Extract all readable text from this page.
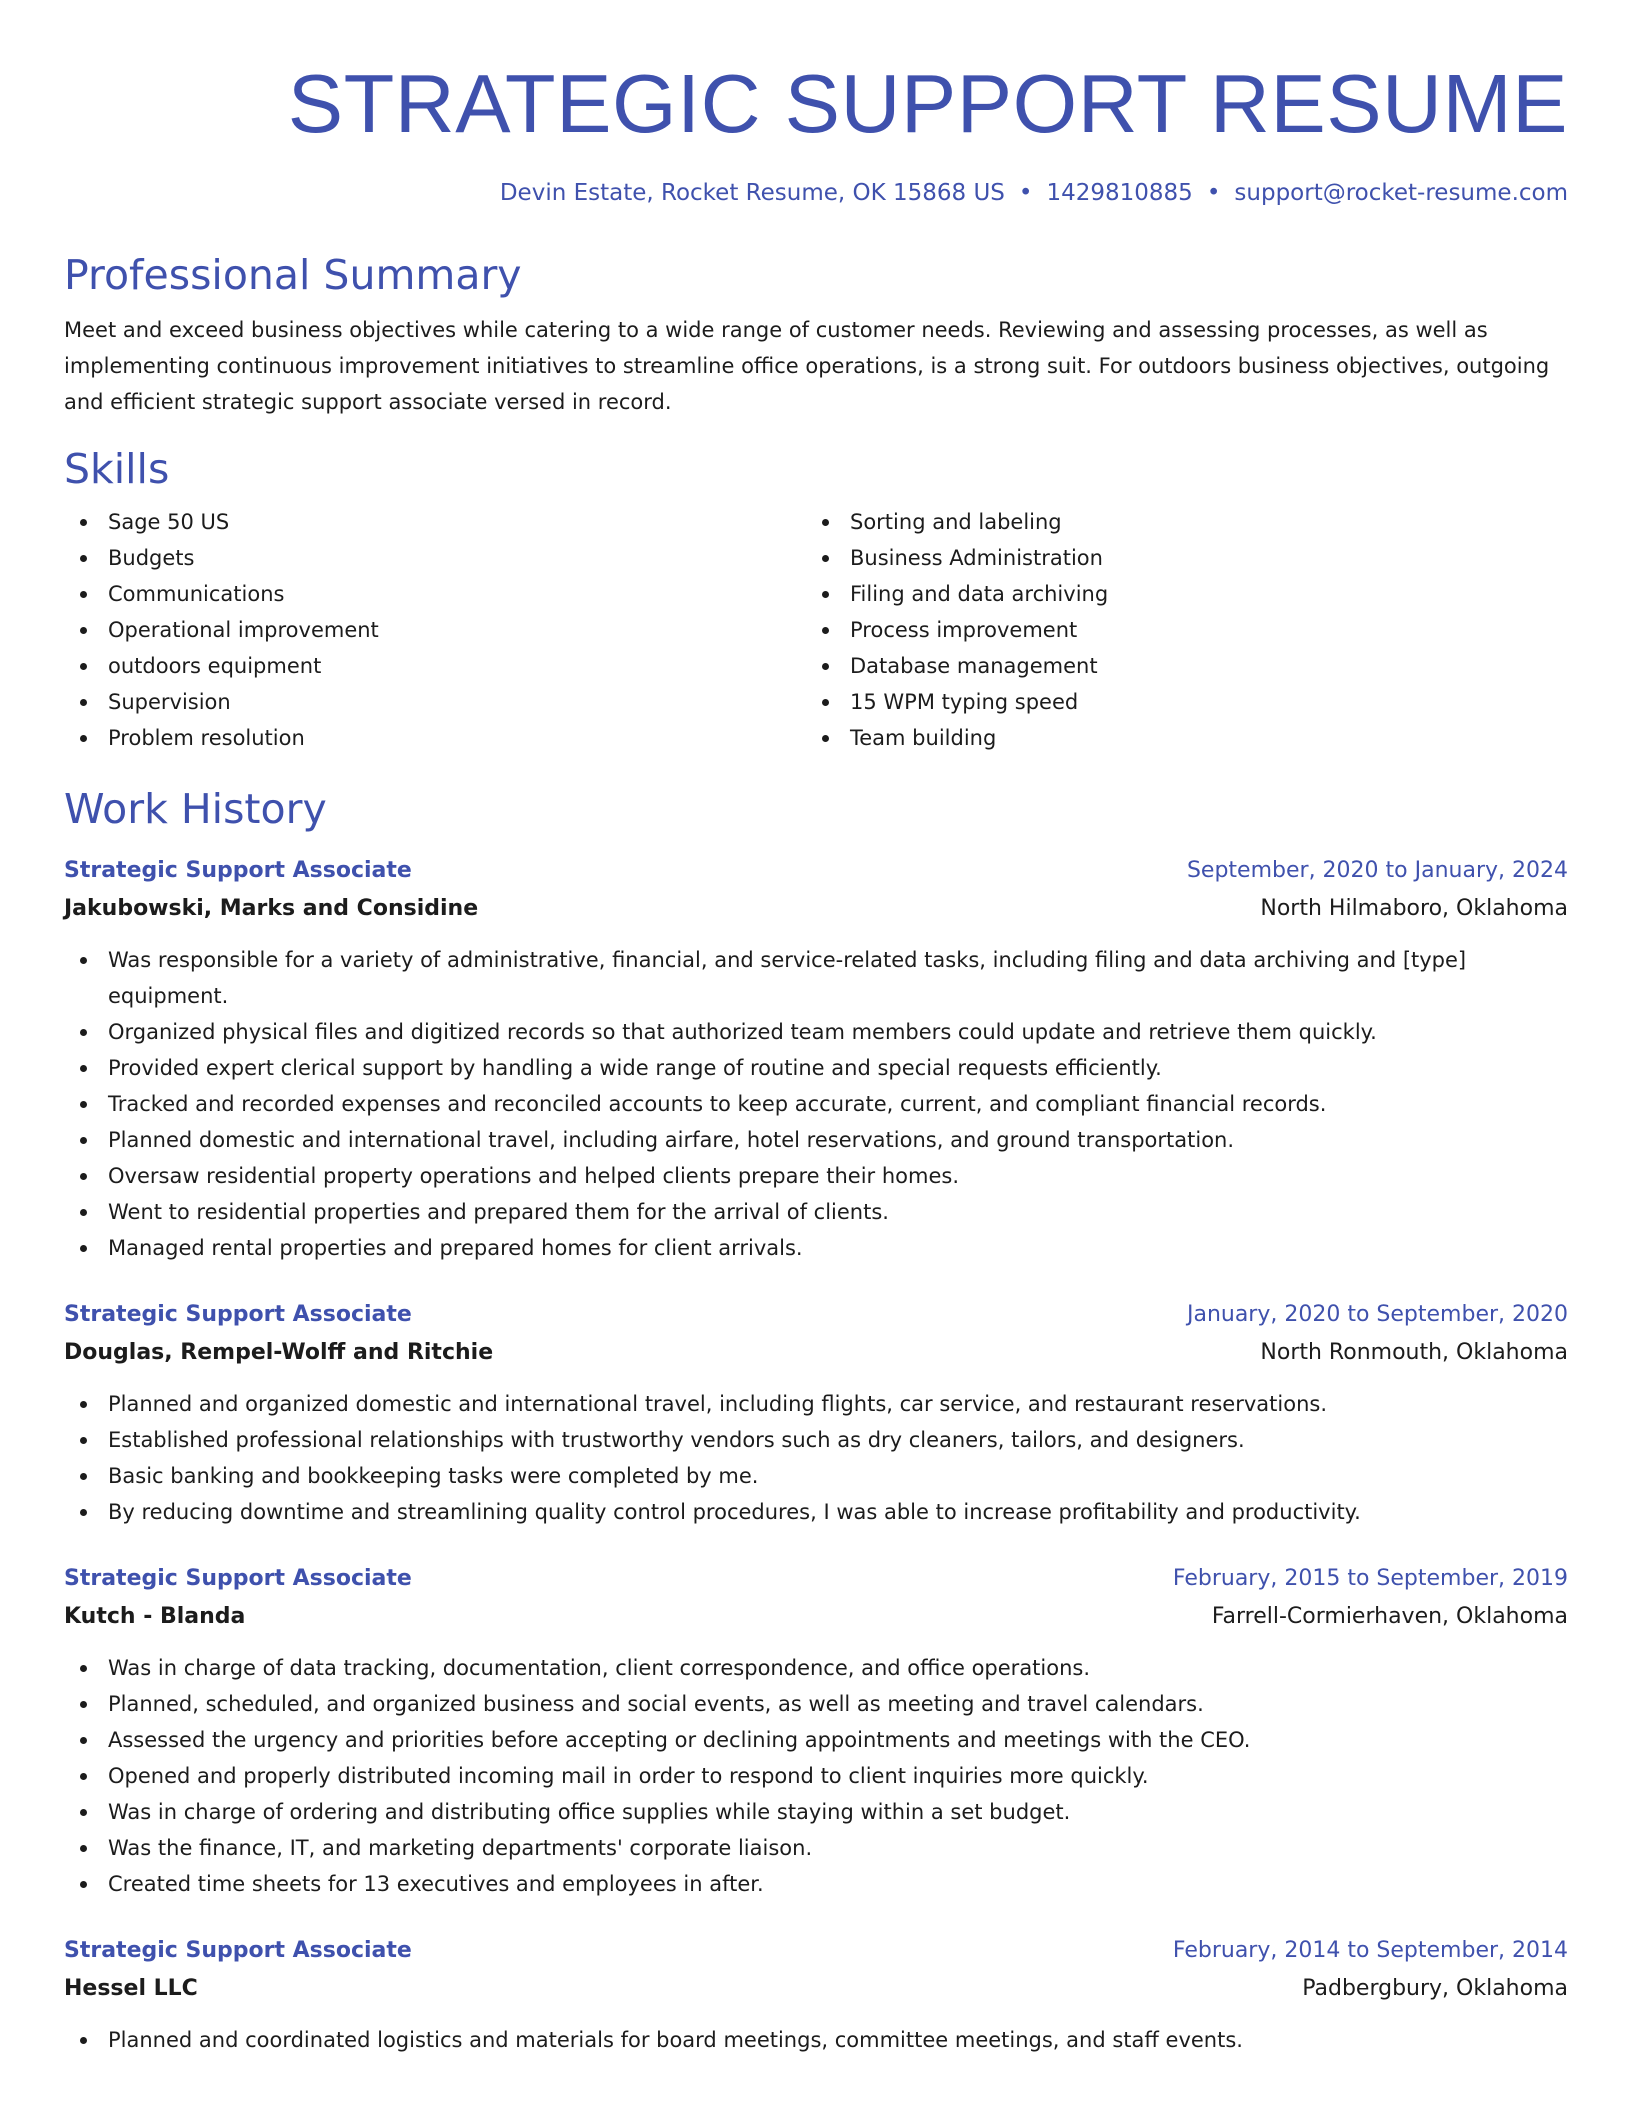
STRATEGIC SUPPORT RESUME
Devin Estate, Rocket Resume, OK 15868 US • 1429810885 • support@rocket-resume.com
Professional Summary

Meet and exceed business objectives while catering to a wide range of customer needs. Reviewing and assessing processes, as well as implementing continuous improvement initiatives to streamline office operations, is a strong suit. For outdoors business objectives, outgoing and efficient strategic support associate versed in record.

Skills
Sage 50 US
Budgets
Communications
Operational improvement
outdoors equipment
Supervision
Problem resolution
Sorting and labeling
Business Administration
Filing and data archiving
Process improvement
Database management
15 WPM typing speed
Team building
Work History
Strategic Support Associate	September, 2020 to January, 2024
Jakubowski, Marks and Considine	North Hilmaboro, Oklahoma
Was responsible for a variety of administrative, financial, and service-related tasks, including filing and data archiving and [type] equipment.
Organized physical files and digitized records so that authorized team members could update and retrieve them quickly.
Provided expert clerical support by handling a wide range of routine and special requests efficiently.
Tracked and recorded expenses and reconciled accounts to keep accurate, current, and compliant financial records.
Planned domestic and international travel, including airfare, hotel reservations, and ground transportation.
Oversaw residential property operations and helped clients prepare their homes.
Went to residential properties and prepared them for the arrival of clients.
Managed rental properties and prepared homes for client arrivals.
Strategic Support Associate	January, 2020 to September, 2020
Douglas, Rempel-Wolff and Ritchie	North Ronmouth, Oklahoma
Planned and organized domestic and international travel, including flights, car service, and restaurant reservations.
Established professional relationships with trustworthy vendors such as dry cleaners, tailors, and designers.
Basic banking and bookkeeping tasks were completed by me.
By reducing downtime and streamlining quality control procedures, I was able to increase profitability and productivity.
Strategic Support Associate	February, 2015 to September, 2019
Kutch - Blanda	Farrell-Cormierhaven, Oklahoma
Was in charge of data tracking, documentation, client correspondence, and office operations.
Planned, scheduled, and organized business and social events, as well as meeting and travel calendars.
Assessed the urgency and priorities before accepting or declining appointments and meetings with the CEO.
Opened and properly distributed incoming mail in order to respond to client inquiries more quickly.
Was in charge of ordering and distributing office supplies while staying within a set budget.
Was the finance, IT, and marketing departments' corporate liaison.
Created time sheets for 13 executives and employees in after.
Strategic Support Associate	February, 2014 to September, 2014
Hessel LLC	Padbergbury, Oklahoma
Planned and coordinated logistics and materials for board meetings, committee meetings, and staff events.
